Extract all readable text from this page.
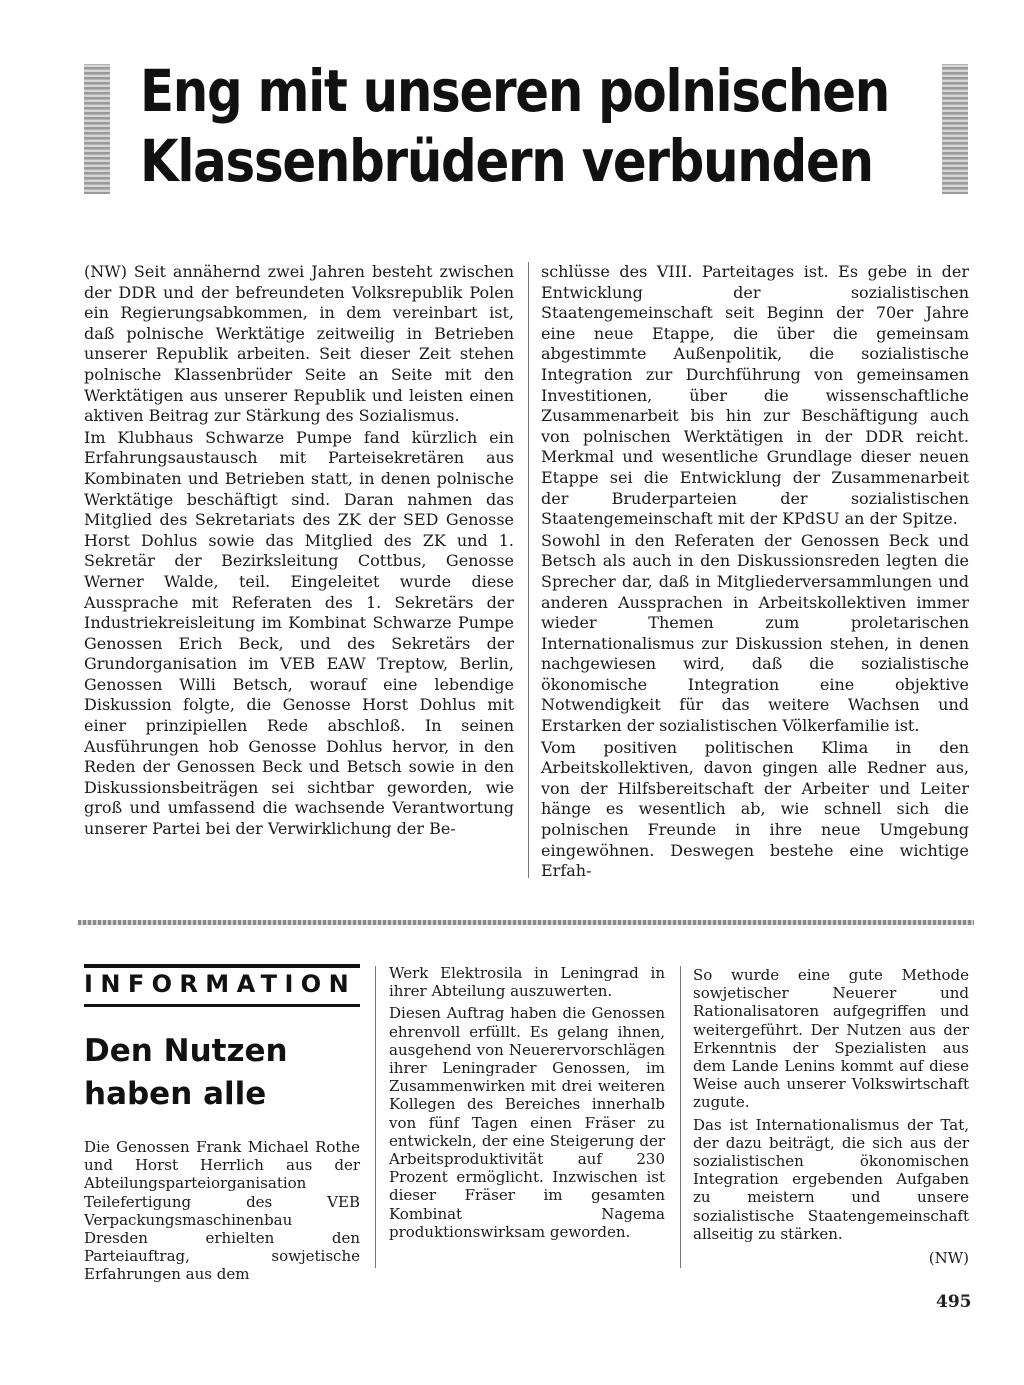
Eng mit unseren polnischen
Klassenbrüdern verbunden

(NW) Seit annähernd zwei Jahren besteht zwischen der DDR und der befreundeten Volksrepublik Polen ein Regierungsabkommen, in dem vereinbart ist, daß polnische Werktätige zeitweilig in Betrieben unserer Republik arbeiten. Seit dieser Zeit stehen polnische Klassenbrüder Seite an Seite mit den Werktätigen aus unserer Republik und leisten einen aktiven Beitrag zur Stärkung des Sozialismus.

Im Klubhaus Schwarze Pumpe fand kürzlich ein Erfahrungsaustausch mit Parteisekretären aus Kombinaten und Betrieben statt, in denen polnische Werktätige beschäftigt sind. Daran nahmen das Mitglied des Sekretariats des ZK der SED Genosse Horst Dohlus sowie das Mitglied des ZK und 1. Sekretär der Bezirksleitung Cottbus, Genosse Werner Walde, teil. Eingeleitet wurde diese Aussprache mit Referaten des 1. Sekretärs der Industriekreisleitung im Kombinat Schwarze Pumpe Genossen Erich Beck, und des Sekretärs der Grundorganisation im VEB EAW Treptow, Berlin, Genossen Willi Betsch, worauf eine lebendige Diskussion folgte, die Genosse Horst Dohlus mit einer prinzipiellen Rede abschloß. In seinen Ausführungen hob Genosse Dohlus hervor, in den Reden der Genossen Beck und Betsch sowie in den Diskussionsbeiträgen sei sichtbar geworden, wie groß und umfassend die wachsende Verantwortung unserer Partei bei der Verwirklichung der Be-

schlüsse des VIII. Parteitages ist. Es gebe in der Entwicklung der sozialistischen Staatengemeinschaft seit Beginn der 70er Jahre eine neue Etappe, die über die gemeinsam abgestimmte Außenpolitik, die sozialistische Integration zur Durchführung von gemeinsamen Investitionen, über die wissenschaftliche Zusammenarbeit bis hin zur Beschäftigung auch von polnischen Werktätigen in der DDR reicht. Merkmal und wesentliche Grundlage dieser neuen Etappe sei die Entwicklung der Zusammenarbeit der Bruderparteien der sozialistischen Staatengemeinschaft mit der KPdSU an der Spitze.

Sowohl in den Referaten der Genossen Beck und Betsch als auch in den Diskussionsreden legten die Sprecher dar, daß in Mitgliederversammlungen und anderen Aussprachen in Arbeitskollektiven immer wieder Themen zum proletarischen Internationalismus zur Diskussion stehen, in denen nachgewiesen wird, daß die sozialistische ökonomische Integration eine objektive Notwendigkeit für das weitere Wachsen und Erstarken der sozialistischen Völkerfamilie ist.

Vom positiven politischen Klima in den Arbeitskollektiven, davon gingen alle Redner aus, von der Hilfsbereitschaft der Arbeiter und Leiter hänge es wesentlich ab, wie schnell sich die polnischen Freunde in ihre neue Umgebung eingewöhnen. Deswegen bestehe eine wichtige Erfah-

INFORMATION
Den Nutzen
haben alle

Die Genossen Frank Michael Rothe und Horst Herrlich aus der Abteilungsparteiorganisation Teilefertigung des VEB Verpackungsmaschinenbau Dresden erhielten den Parteiauftrag, sowjetische Erfahrungen aus dem

Werk Elektrosila in Leningrad in ihrer Abteilung auszuwerten.

Diesen Auftrag haben die Genossen ehrenvoll erfüllt. Es gelang ihnen, ausgehend von Neuerervorschlägen ihrer Leningrader Genossen, im Zusammenwirken mit drei weiteren Kollegen des Bereiches innerhalb von fünf Tagen einen Fräser zu entwickeln, der eine Steigerung der Arbeitsproduktivität auf 230 Prozent ermöglicht. Inzwischen ist dieser Fräser im gesamten Kombinat Nagema produktionswirksam geworden.

So wurde eine gute Methode sowjetischer Neuerer und Rationalisatoren aufgegriffen und weitergeführt. Der Nutzen aus der Erkenntnis der Spezialisten aus dem Lande Lenins kommt auf diese Weise auch unserer Volkswirtschaft zugute.

Das ist Internationalismus der Tat, der dazu beiträgt, die sich aus der sozialistischen ökonomischen Integration ergebenden Aufgaben zu meistern und unsere sozialistische Staatengemeinschaft allseitig zu stärken.

(NW)
495
